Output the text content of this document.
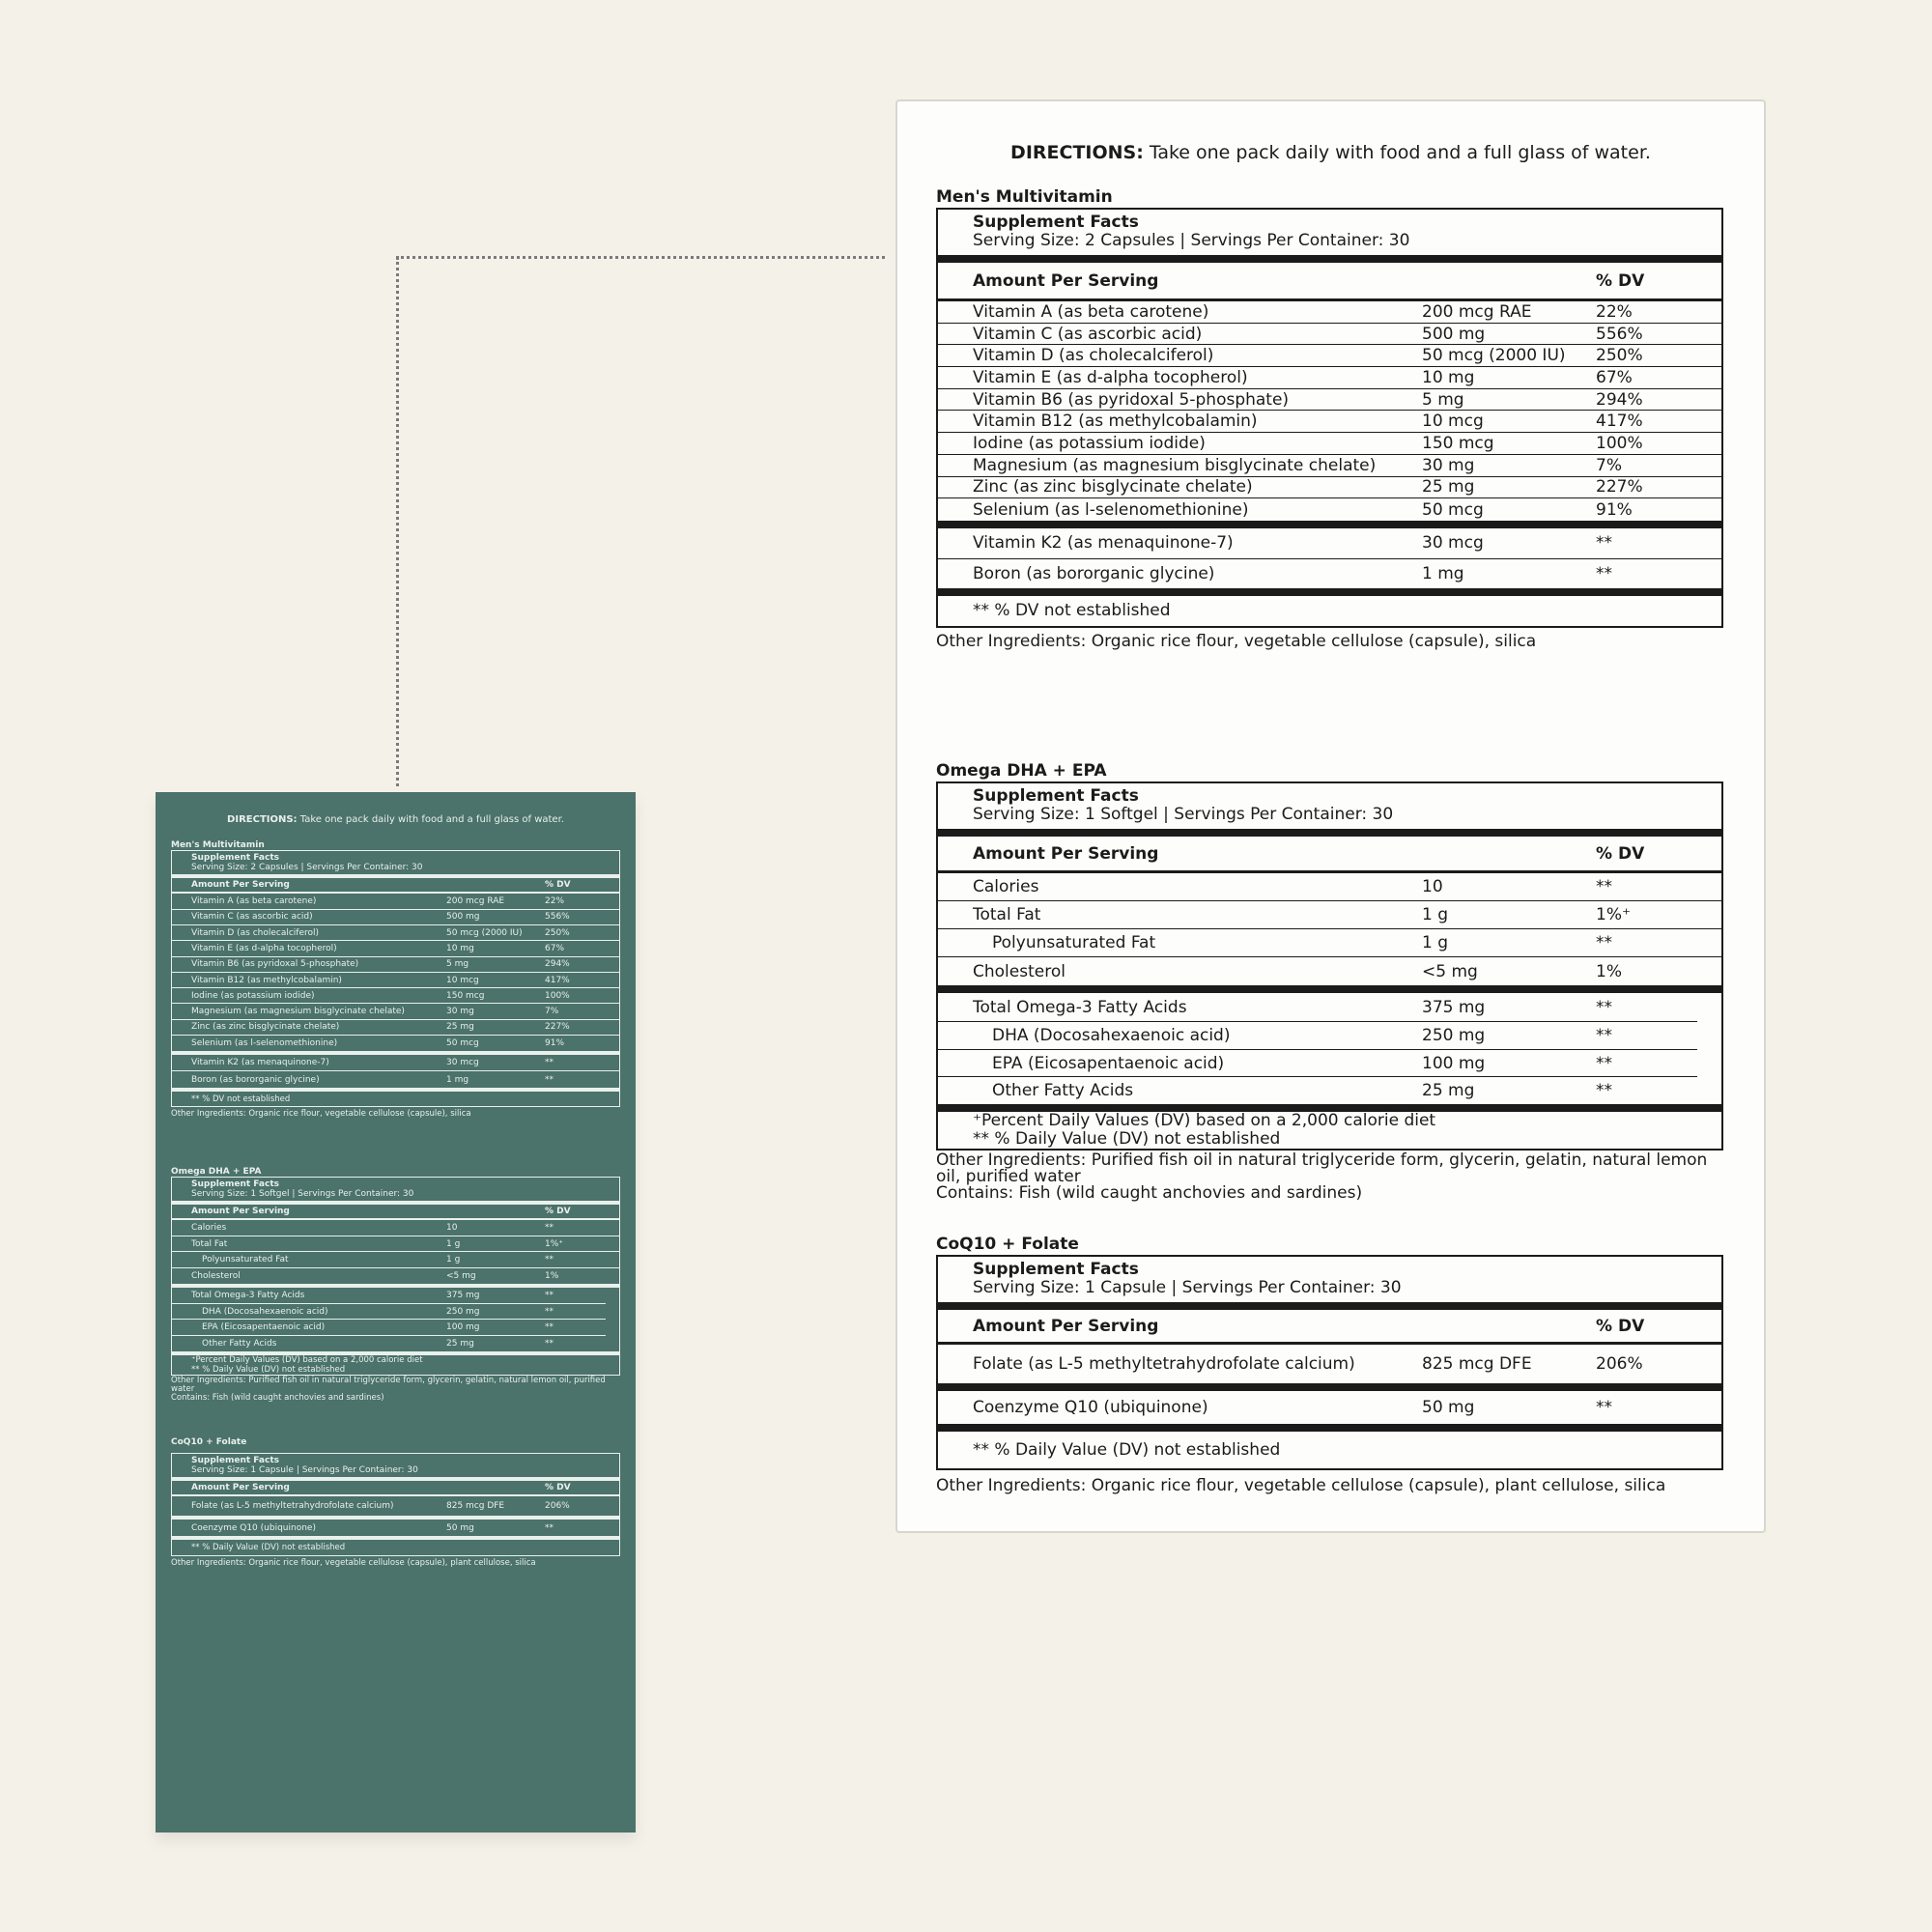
DIRECTIONS: Take one pack daily with food and a full glass of water.
Men's Multivitamin
Supplement Facts
Serving Size: 2 Capsules | Servings Per Container: 30
Amount Per Serving	% DV
Vitamin A (as beta carotene)	200 mcg RAE	22%
Vitamin C (as ascorbic acid)	500 mg	556%
Vitamin D (as cholecalciferol)	50 mcg (2000 IU)	250%
Vitamin E (as d-alpha tocopherol)	10 mg	67%
Vitamin B6 (as pyridoxal 5-phosphate)	5 mg	294%
Vitamin B12 (as methylcobalamin)	10 mcg	417%
Iodine (as potassium iodide)	150 mcg	100%
Magnesium (as magnesium bisglycinate chelate)	30 mg	7%
Zinc (as zinc bisglycinate chelate)	25 mg	227%
Selenium (as l-selenomethionine)	50 mcg	91%
Vitamin K2 (as menaquinone-7)	30 mcg	**
Boron (as bororganic glycine)	1 mg	**
** % DV not established
Other Ingredients: Organic rice flour, vegetable cellulose (capsule), silica
Omega DHA + EPA
Supplement Facts
Serving Size: 1 Softgel | Servings Per Container: 30
Amount Per Serving	% DV
Calories	10	**
Total Fat	1 g	1%⁺
Polyunsaturated Fat	1 g	**
Cholesterol	<5 mg	1%
Total Omega-3 Fatty Acids	375 mg	**
DHA (Docosahexaenoic acid)	250 mg	**
EPA (Eicosapentaenoic acid)	100 mg	**
Other Fatty Acids	25 mg	**
⁺Percent Daily Values (DV) based on a 2,000 calorie diet
** % Daily Value (DV) not established
Other Ingredients: Purified fish oil in natural triglyceride form, glycerin, gelatin, natural lemon oil, purified water
Contains: Fish (wild caught anchovies and sardines)
CoQ10 + Folate
Supplement Facts
Serving Size: 1 Capsule | Servings Per Container: 30
Amount Per Serving	% DV
Folate (as L-5 methyltetrahydrofolate calcium)	825 mcg DFE	206%
Coenzyme Q10 (ubiquinone)	50 mg	**
** % Daily Value (DV) not established
Other Ingredients: Organic rice flour, vegetable cellulose (capsule), plant cellulose, silica
DIRECTIONS: Take one pack daily with food and a full glass of water.
Men's Multivitamin
Supplement Facts
Serving Size: 2 Capsules | Servings Per Container: 30
Amount Per Serving	% DV
Vitamin A (as beta carotene)	200 mcg RAE	22%
Vitamin C (as ascorbic acid)	500 mg	556%
Vitamin D (as cholecalciferol)	50 mcg (2000 IU)	250%
Vitamin E (as d-alpha tocopherol)	10 mg	67%
Vitamin B6 (as pyridoxal 5-phosphate)	5 mg	294%
Vitamin B12 (as methylcobalamin)	10 mcg	417%
Iodine (as potassium iodide)	150 mcg	100%
Magnesium (as magnesium bisglycinate chelate)	30 mg	7%
Zinc (as zinc bisglycinate chelate)	25 mg	227%
Selenium (as l-selenomethionine)	50 mcg	91%
Vitamin K2 (as menaquinone-7)	30 mcg	**
Boron (as bororganic glycine)	1 mg	**
** % DV not established
Other Ingredients: Organic rice flour, vegetable cellulose (capsule), silica
Omega DHA + EPA
Supplement Facts
Serving Size: 1 Softgel | Servings Per Container: 30
Amount Per Serving	% DV
Calories	10	**
Total Fat	1 g	1%⁺
Polyunsaturated Fat	1 g	**
Cholesterol	<5 mg	1%
Total Omega-3 Fatty Acids	375 mg	**
DHA (Docosahexaenoic acid)	250 mg	**
EPA (Eicosapentaenoic acid)	100 mg	**
Other Fatty Acids	25 mg	**
⁺Percent Daily Values (DV) based on a 2,000 calorie diet
** % Daily Value (DV) not established
Other Ingredients: Purified fish oil in natural triglyceride form, glycerin, gelatin, natural lemon oil, purified water
Contains: Fish (wild caught anchovies and sardines)
CoQ10 + Folate
Supplement Facts
Serving Size: 1 Capsule | Servings Per Container: 30
Amount Per Serving	% DV
Folate (as L-5 methyltetrahydrofolate calcium)	825 mcg DFE	206%
Coenzyme Q10 (ubiquinone)	50 mg	**
** % Daily Value (DV) not established
Other Ingredients: Organic rice flour, vegetable cellulose (capsule), plant cellulose, silica
